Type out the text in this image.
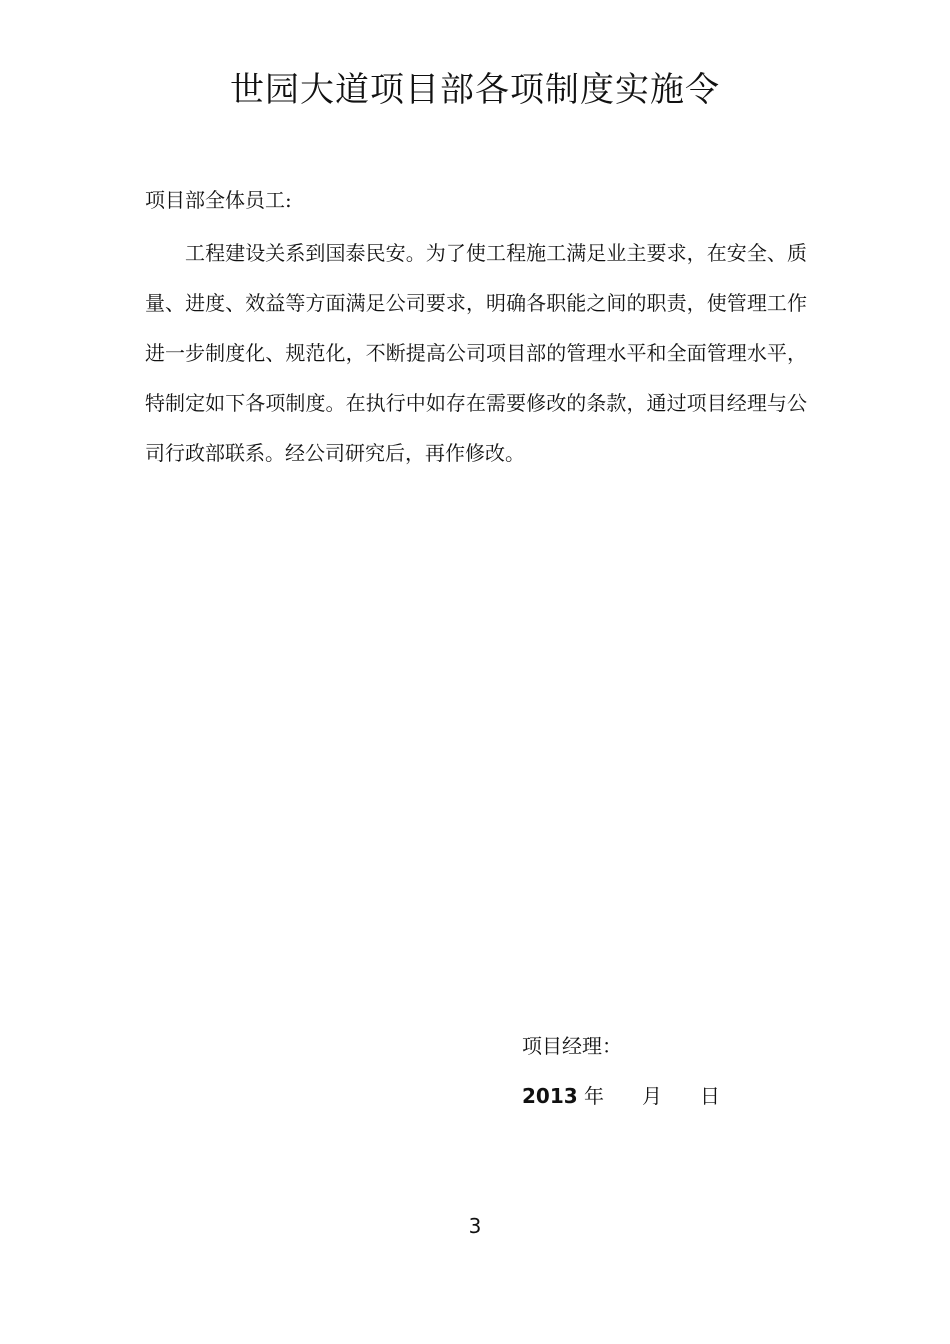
世园大道项目部各项制度实施令

项目部全体员工:

工程建设关系到国泰民安。为了使工程施工满足业主要求，在安全、质量、进度、效益等方面满足公司要求，明确各职能之间的职责，使管理工作进一步制度化、规范化，不断提高公司项目部的管理水平和全面管理水平，特制定如下各项制度。在执行中如存在需要修改的条款，通过项目经理与公司行政部联系。经公司研究后，再作修改。

项目经理：

2013 年 月 日

3
